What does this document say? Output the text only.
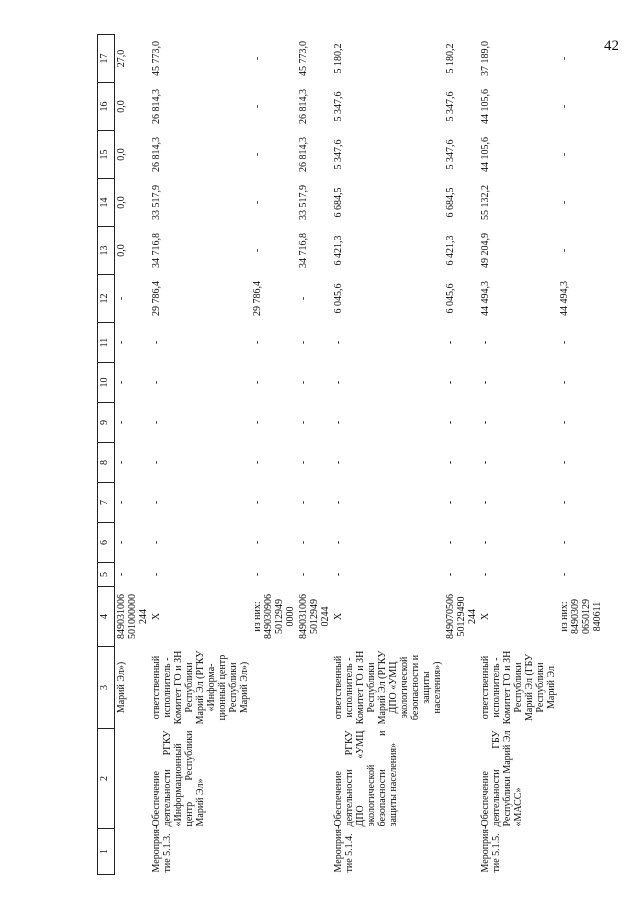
42
1	2	3	4	5	6	7	8	9	10	11	12	13	14	15	16	17
		Марий Эл»)	849031006 501000000 244	-	-	-	-	-	-	-	-	0,0	0,0	0,0	0,0	27,0
Мероприя-тие 5.1.3.	Обеспечение деятельности РГКУ «Информационный центр Республики Марий Эл»	ответственный исполнитель - Комитет ГО и ЗН Республики Марий Эл (РГКУ «Информа-ционный центр Республики Марий Эл»)	X	-	-	-	-	-	-	-	29 786,4	34 716,8	33 517,9	26 814,3	26 814,3	45 773,0
			из них: 849030906 5012949 0000	-	-	-	-	-	-	-	29 786,4	-	-	-	-	-
			849031006 5012949 0244	-	-	-	-	-	-	-	-	34 716,8	33 517,9	26 814,3	26 814,3	45 773,0
Мероприя-тие 5.1.4.	Обеспечение деятельности РГКУ ДПО «УМЦ экологической безопасности и защиты населения»	ответственный исполнитель - Комитет ГО и ЗН Республики Марий Эл (РГКУ ДПО «УМЦ экологической безопасности и защиты населения»)	X	-	-	-	-	-	-	-	6 045,6	6 421,3	6 684,5	5 347,6	5 347,6	5 180,2
			849070506 50129490 244	-	-	-	-	-	-	-	6 045,6	6 421,3	6 684,5	5 347,6	5 347,6	5 180,2
Мероприя-тие 5.1.5.	Обеспечение деятельности ГБУ Республики Марий Эл «МАСС»	ответственный исполнитель - Комитет ГО и ЗН Республики Марий Эл (ГБУ Республики Марий Эл	X	-	-	-	-	-	-	-	44 494,3	49 204,9	55 132,2	44 105,6	44 105,6	37 189,0
			из них: 8490309 0650129 840611	-	-	-	-	-	-	-	44 494,3	-	-	-	-	-
